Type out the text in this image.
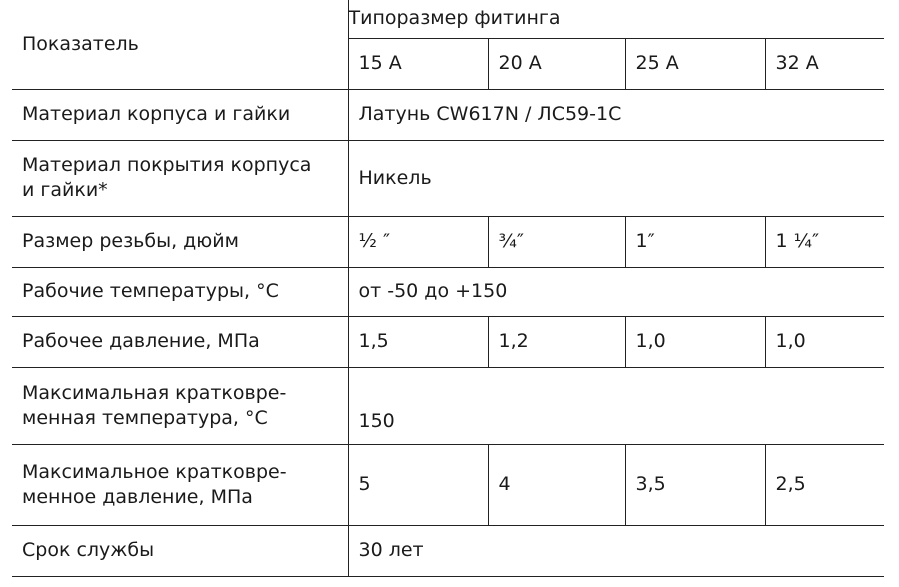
Показатель	Типоразмер фитинга			
	15 А	20 А	25 А	32 А
Материал корпуса и гайки	Латунь CW617N / ЛС59-1С			

Материал покрытия корпуса
и гайки*	Никель			
Размер резьбы, дюйм	½ ″	¾″	1″	1 ¼″
Рабочие температуры, °С	от -50 до +150			
Рабочее давление, МПа	1,5	1,2	1,0	1,0

Максимальная кратковре-
менная температура, °С	150			

Максимальное кратковре-
менное давление, МПа	5	4	3,5	2,5
Срок службы	30 лет			
